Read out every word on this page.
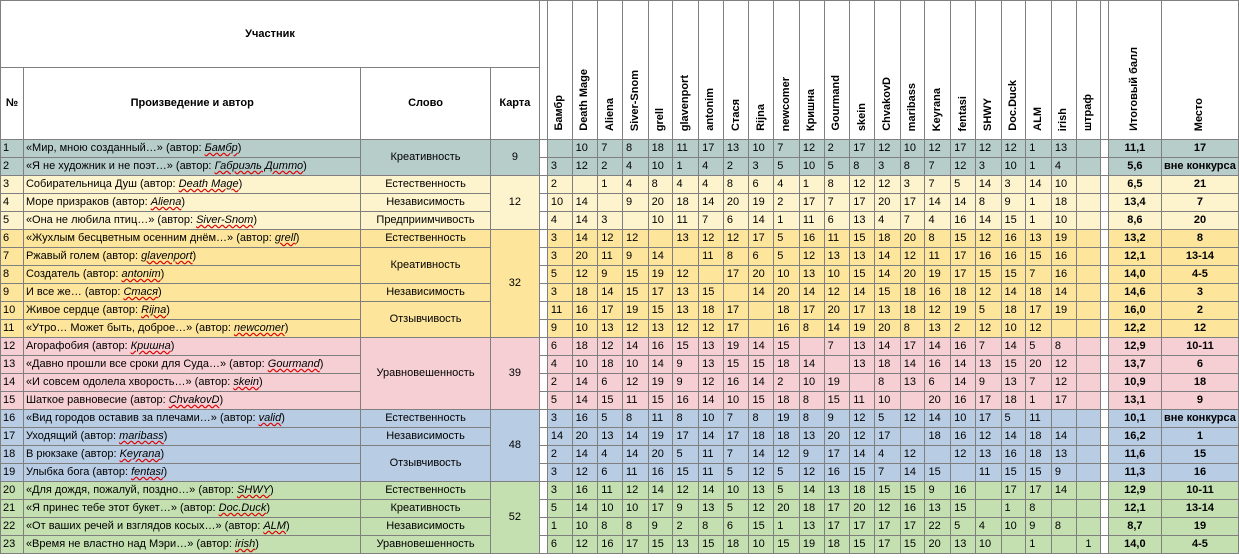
Участник					Бамбр	Death Mage	Aliena	Siver-Snom	grell	glavenport	antonim	Стася	Rijna	newcomer	Кришна	Gourmand	skein	ChvakovD	maribass	Keyrana	fentasi	SHWY	Doc.Duck	ALM	irish	штраф		Итоговый балл	Место
№	Произведение и автор	Слово	Карта																										
1	«Мир, мною созданный…» (автор: Бамбр)	Креативность	9			10	7	8	18	11	17	13	10	7	12	2	17	12	10	12	17	12	12	1	13			11,1	17
2	«Я не художник и не поэт…» (автор: Габриэль Дитто)				3	12	2	4	10	1	4	2	3	5	10	5	8	3	8	7	12	3	10	1	4			5,6	вне конкурса
3	Собирательница Душ (автор: Death Mage)	Естественность	12		2		1	4	8	4	4	8	6	4	1	8	12	12	3	7	5	14	3	14	10			6,5	21
4	Море призраков (автор: Aliena)	Независимость			10	14		9	20	18	14	20	19	2	17	7	17	20	17	14	14	8	9	1	18			13,4	7
5	«Она не любила птиц…» (автор: Siver-Snom)	Предприимчивость			4	14	3		10	11	7	6	14	1	11	6	13	4	7	4	16	14	15	1	10			8,6	20
6	«Жухлым бесцветным осенним днём…» (автор: grell)	Естественность	32		3	14	12	12		13	12	12	17	5	16	11	15	18	20	8	15	12	16	13	19			13,2	8
7	Ржавый голем (автор: glavenport)	Креативность			3	20	11	9	14		11	8	6	5	12	13	13	14	12	11	17	16	16	15	16			12,1	13-14
8	Создатель (автор: antonim)				5	12	9	15	19	12		17	20	10	13	10	15	14	20	19	17	15	15	7	16			14,0	4-5
9	И все же… (автор: Стася)	Независимость			3	18	14	15	17	13	15		14	20	14	12	14	15	18	16	18	12	14	18	14			14,6	3
10	Живое сердце (автор: Rijna)	Отзывчивость			11	16	17	19	15	13	18	17		18	17	20	17	13	18	12	19	5	18	17	19			16,0	2
11	«Утро… Может быть, доброе…» (автор: newcomer)				9	10	13	12	13	12	12	17		16	8	14	19	20	8	13	2	12	10	12				12,2	12
12	Агорафобия (автор: Кришна)	Уравновешенность	39		6	18	12	14	16	15	13	19	14	15		7	13	14	17	14	16	7	14	5	8			12,9	10-11
13	«Давно прошли все сроки для Суда…» (автор: Gourmand)				4	10	18	10	14	9	13	15	15	18	14		13	18	14	16	14	13	15	20	12			13,7	6
14	«И совсем одолела хворость…» (автор: skein)				2	14	6	12	19	9	12	16	14	2	10	19		8	13	6	14	9	13	7	12			10,9	18
15	Шаткое равновесие (автор: ChvakovD)				5	14	15	11	15	16	14	10	15	18	8	15	11	10		20	16	17	18	1	17			13,1	9
16	«Вид городов оставив за плечами…» (автор: valid)	Естественность	48		3	16	5	8	11	8	10	7	8	19	8	9	12	5	12	14	10	17	5	11				10,1	вне конкурса
17	Уходящий (автор: maribass)	Независимость			14	20	13	14	19	17	14	17	18	18	13	20	12	17		18	16	12	14	18	14			16,2	1
18	В рюкзаке (автор: Keyrana)	Отзывчивость			2	14	4	14	20	5	11	7	14	12	9	17	14	4	12		12	13	16	18	13			11,6	15
19	Улыбка бога (автор: fentasi)				3	12	6	11	16	15	11	5	12	5	12	16	15	7	14	15		11	15	15	9			11,3	16
20	«Для дождя, пожалуй, поздно…» (автор: SHWY)	Естественность	52		3	16	11	12	14	12	14	10	13	5	14	13	18	15	15	9	16		17	17	14			12,9	10-11
21	«Я принес тебе этот букет…» (автор: Doc.Duck)	Креативность			5	14	10	10	17	9	13	5	12	20	18	17	20	12	16	13	15		1	8				12,1	13-14
22	«От ваших речей и взглядов косых…» (автор: ALM)	Независимость			1	10	8	8	9	2	8	6	15	1	13	17	17	17	17	22	5	4	10	9	8			8,7	19
23	«Время не властно над Мэри…» (автор: irish)	Уравновешенность			6	12	16	17	15	13	15	18	10	15	19	18	15	17	15	20	13	10		1		1		14,0	4-5
